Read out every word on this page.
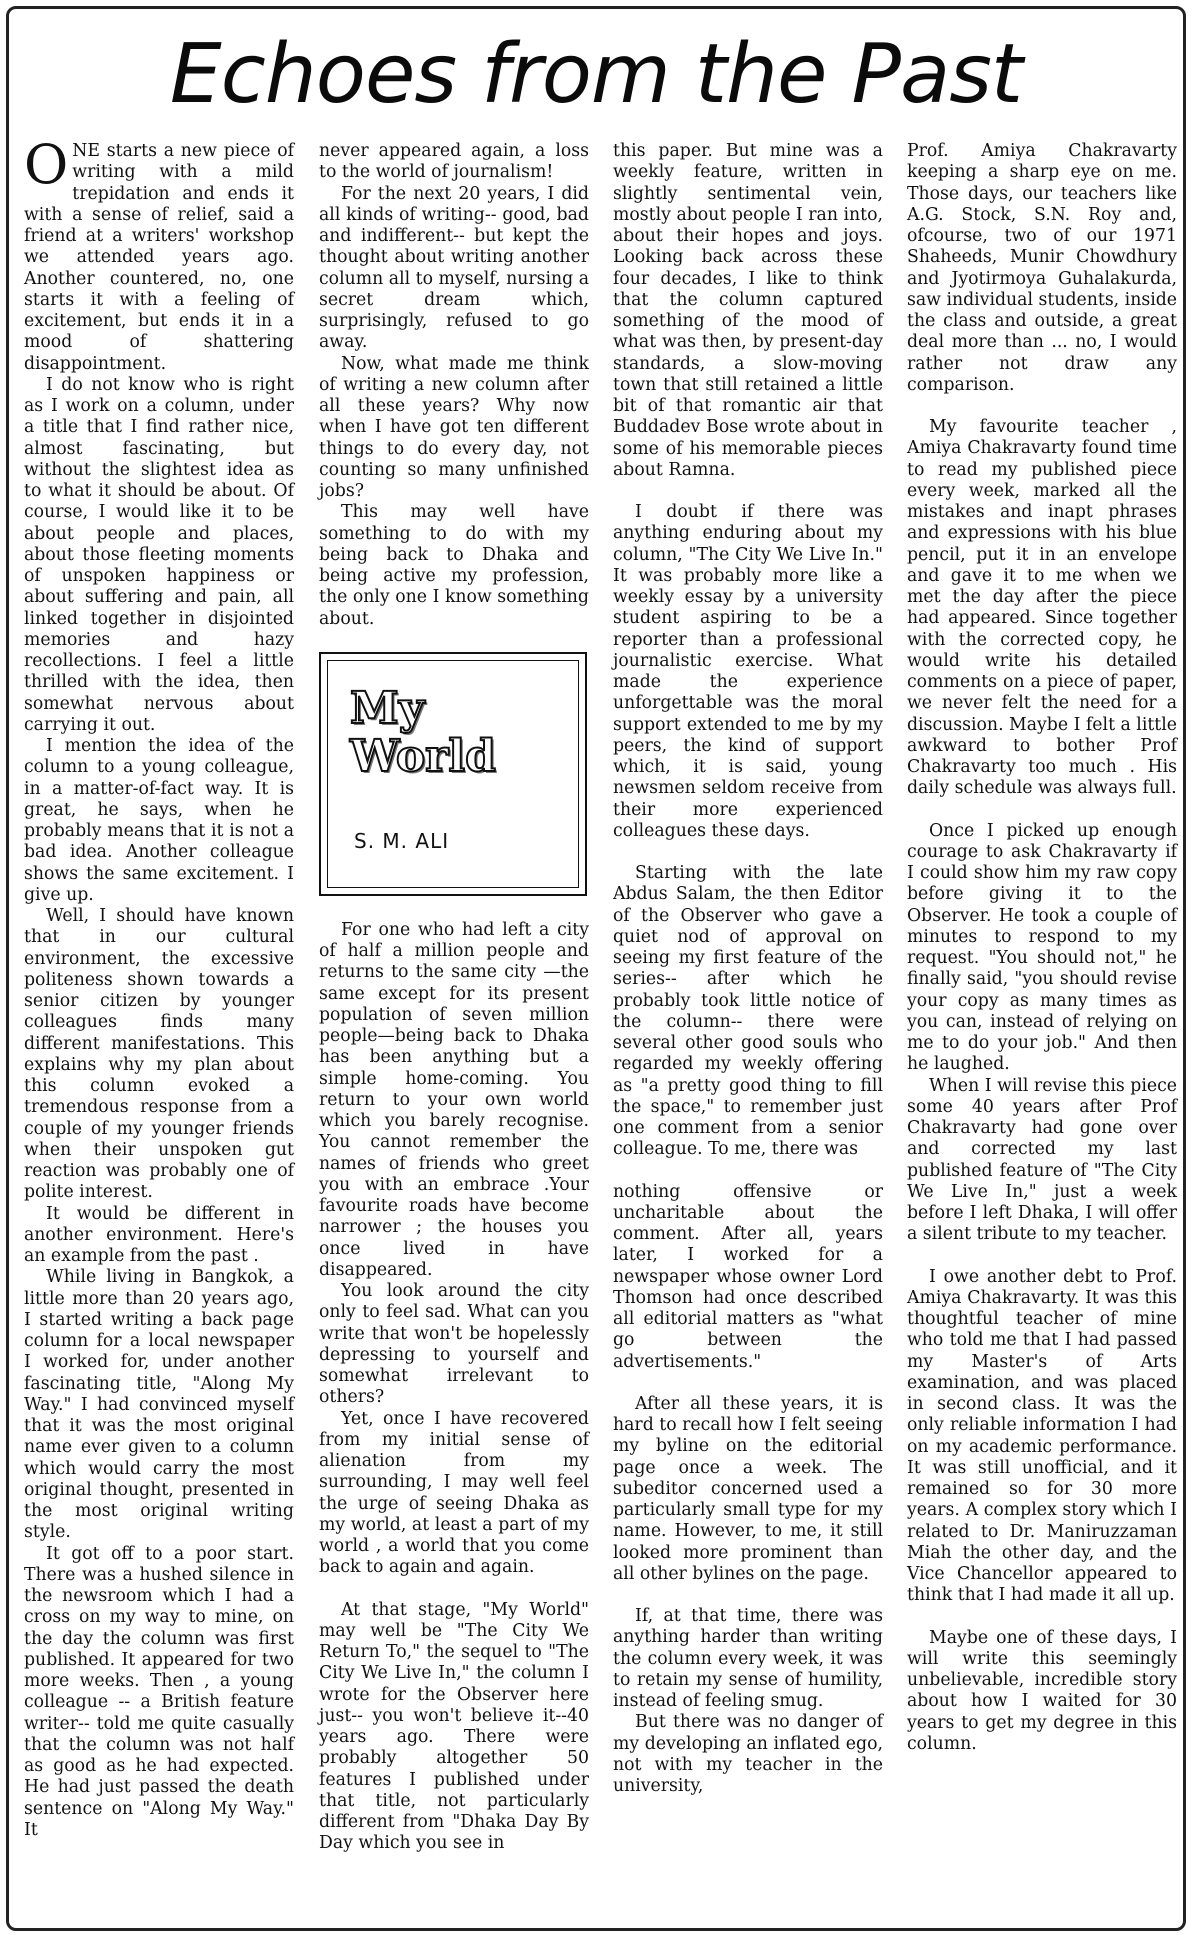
Echoes from the Past

ONE starts a new piece of writing with a mild trepidation and ends it with a sense of relief, said a friend at a writers' workshop we attended years ago. Another countered, no, one starts it with a feeling of excitement, but ends it in a mood of shattering disappointment.

I do not know who is right as I work on a column, under a title that I find rather nice, almost fascinating, but without the slightest idea as to what it should be about. Of course, I would like it to be about people and places, about those fleeting moments of unspoken happiness or about suffering and pain, all linked together in disjointed memories and hazy recollections. I feel a little thrilled with the idea, then somewhat nervous about carrying it out.

I mention the idea of the column to a young colleague, in a matter-of-fact way. It is great, he says, when he probably means that it is not a bad idea. Another colleague shows the same excitement. I give up.

Well, I should have known that in our cultural environment, the excessive politeness shown towards a senior citizen by younger colleagues finds many different manifestations. This explains why my plan about this column evoked a tremendous response from a couple of my younger friends when their unspoken gut reaction was probably one of polite interest.

It would be different in another environment. Here's an example from the past .

While living in Bangkok, a little more than 20 years ago, I started writing a back page column for a local newspaper I worked for, under another fascinating title, "Along My Way." I had convinced myself that it was the most original name ever given to a column which would carry the most original thought, presented in the most original writing style.

It got off to a poor start. There was a hushed silence in the newsroom which I had a cross on my way to mine, on the day the column was first published. It appeared for two more weeks. Then , a young colleague -- a British feature writer-- told me quite casually that the column was not half as good as he had expected. He had just passed the death sentence on "Along My Way." It

never appeared again, a loss to the world of journalism!

For the next 20 years, I did all kinds of writing-- good, bad and indifferent-- but kept the thought about writing another column all to myself, nursing a secret dream which, surprisingly, refused to go away.

Now, what made me think of writing a new column after all these years? Why now when I have got ten different things to do every day, not counting so many unfinished jobs?

This may well have something to do with my being back to Dhaka and being active my profession, the only one I know something about.

My
World
S. M. ALI

For one who had left a city of half a million people and returns to the same city —the same except for its present population of seven million people—being back to Dhaka has been anything but a simple home-coming. You return to your own world which you barely recognise. You cannot remember the names of friends who greet you with an embrace .Your favourite roads have become narrower ; the houses you once lived in have disappeared.

You look around the city only to feel sad. What can you write that won't be hopelessly depressing to yourself and somewhat irrelevant to others?

Yet, once I have recovered from my initial sense of alienation from my surrounding, I may well feel the urge of seeing Dhaka as my world, at least a part of my world , a world that you come back to again and again.

At that stage, "My World" may well be "The City We Return To," the sequel to "The City We Live In," the column I wrote for the Observer here just-- you won't believe it--40 years ago. There were probably altogether 50 features I published under that title, not particularly different from "Dhaka Day By Day which you see in

this paper. But mine was a weekly feature, written in slightly sentimental vein, mostly about people I ran into, about their hopes and joys. Looking back across these four decades, I like to think that the column captured something of the mood of what was then, by present-day standards, a slow-moving town that still retained a little bit of that romantic air that Buddadev Bose wrote about in some of his memorable pieces about Ramna.

I doubt if there was anything enduring about my column, "The City We Live In." It was probably more like a weekly essay by a university student aspiring to be a reporter than a professional journalistic exercise. What made the experience unforgettable was the moral support extended to me by my peers, the kind of support which, it is said, young newsmen seldom receive from their more experienced colleagues these days.

Starting with the late Abdus Salam, the then Editor of the Observer who gave a quiet nod of approval on seeing my first feature of the series-- after which he probably took little notice of the column-- there were several other good souls who regarded my weekly offering as "a pretty good thing to fill the space," to remember just one comment from a senior colleague. To me, there was

nothing offensive or uncharitable about the comment. After all, years later, I worked for a newspaper whose owner Lord Thomson had once described all editorial matters as "what go between the advertisements."

After all these years, it is hard to recall how I felt seeing my byline on the editorial page once a week. The subeditor concerned used a particularly small type for my name. However, to me, it still looked more prominent than all other bylines on the page.

If, at that time, there was anything harder than writing the column every week, it was to retain my sense of humility, instead of feeling smug.

But there was no danger of my developing an inflated ego, not with my teacher in the university,

Prof. Amiya Chakravarty keeping a sharp eye on me. Those days, our teachers like A.G. Stock, S.N. Roy and, ofcourse, two of our 1971 Shaheeds, Munir Chowdhury and Jyotirmoya Guhalakurda, saw individual students, inside the class and outside, a great deal more than ... no, I would rather not draw any comparison.

My favourite teacher , Amiya Chakravarty found time to read my published piece every week, marked all the mistakes and inapt phrases and expressions with his blue pencil, put it in an envelope and gave it to me when we met the day after the piece had appeared. Since together with the corrected copy, he would write his detailed comments on a piece of paper, we never felt the need for a discussion. Maybe I felt a little awkward to bother Prof Chakravarty too much . His daily schedule was always full.

Once I picked up enough courage to ask Chakravarty if I could show him my raw copy before giving it to the Observer. He took a couple of minutes to respond to my request. "You should not," he finally said, "you should revise your copy as many times as you can, instead of relying on me to do your job." And then he laughed.

When I will revise this piece some 40 years after Prof Chakravarty had gone over and corrected my last published feature of "The City We Live In," just a week before I left Dhaka, I will offer a silent tribute to my teacher.

I owe another debt to Prof. Amiya Chakravarty. It was this thoughtful teacher of mine who told me that I had passed my Master's of Arts examination, and was placed in second class. It was the only reliable information I had on my academic performance. It was still unofficial, and it remained so for 30 more years. A complex story which I related to Dr. Maniruzzaman Miah the other day, and the Vice Chancellor appeared to think that I had made it all up.

Maybe one of these days, I will write this seemingly unbelievable, incredible story about how I waited for 30 years to get my degree in this column.
